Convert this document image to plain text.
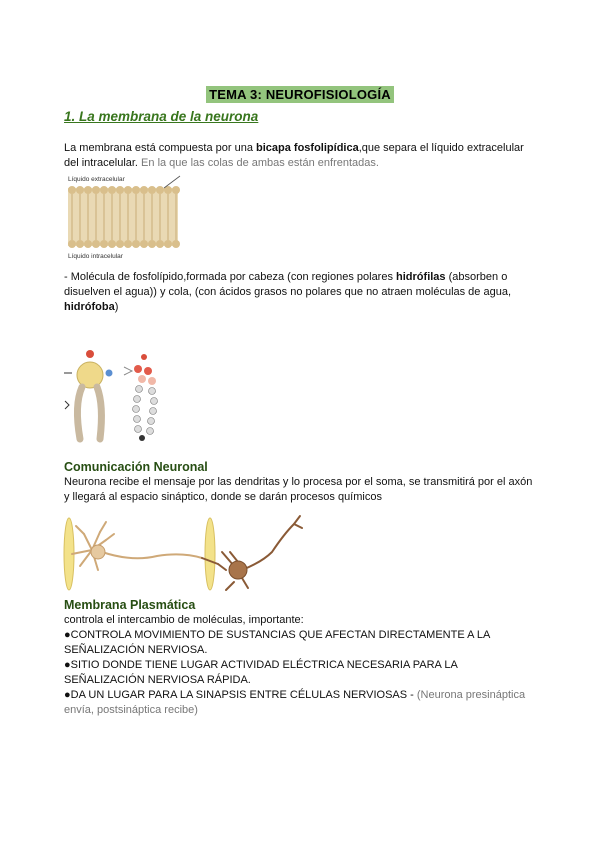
TEMA 3: NEUROFISIOLOGÍA
1. La membrana de la neurona
La membrana está compuesta por una bicapa fosfolipídica,que separa el líquido extracelular del intracelular. En la que las colas de ambas están enfrentadas.
Líquido extracelular
Líquido intracelular
- Molécula de fosfolípido,formada por cabeza (con regiones polares hidrófilas (absorben o disuelven el agua)) y cola, (con ácidos grasos no polares que no atraen moléculas de agua, hidrófoba)
Comunicación Neuronal
Neurona recibe el mensaje por las dendritas y lo procesa por el soma, se transmitirá por el axón y llegará al espacio sináptico, donde se darán procesos químicos
Membrana Plasmática
controla el intercambio de moléculas, importante:
●CONTROLA MOVIMIENTO DE SUSTANCIAS QUE AFECTAN DIRECTAMENTE A LA SEÑALIZACIÓN NERVIOSA.
●SITIO DONDE TIENE LUGAR ACTIVIDAD ELÉCTRICA NECESARIA PARA LA SEÑALIZACIÓN NERVIOSA RÁPIDA.
●DA UN LUGAR PARA LA SINAPSIS ENTRE CÉLULAS NERVIOSAS - (Neurona presináptica envía, postsináptica recibe)
